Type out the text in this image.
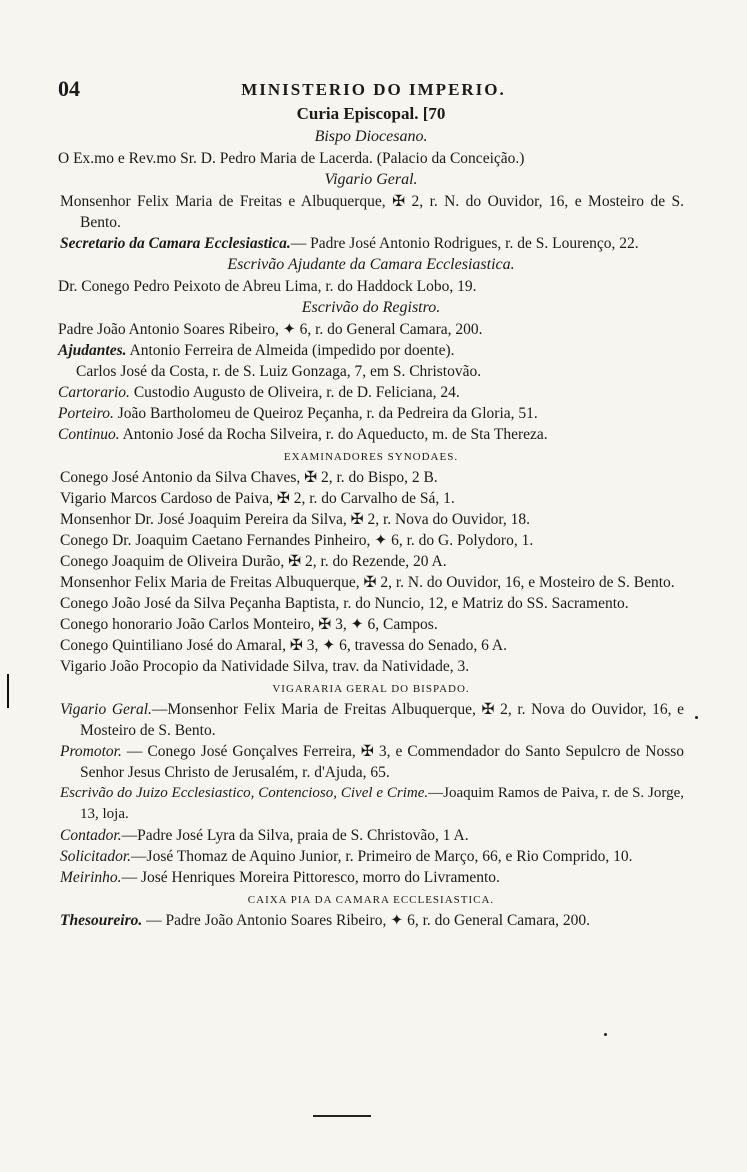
04	MINISTERIO DO IMPERIO.
Curia Episcopal. [70
Bispo Diocesano.
O Ex.mo e Rev.mo Sr. D. Pedro Maria de Lacerda. (Palacio da Conceição.)
Vigario Geral.
Monsenhor Felix Maria de Freitas e Albuquerque, ✠ 2, r. N. do Ouvidor, 16, e Mosteiro de S. Bento.
Secretario da Camara Ecclesiastica.— Padre José Antonio Rodrigues, r. de S. Lourenço, 22.
Escrivão Ajudante da Camara Ecclesiastica.
Dr. Conego Pedro Peixoto de Abreu Lima, r. do Haddock Lobo, 19.
Escrivão do Registro.
Padre João Antonio Soares Ribeiro, ✦ 6, r. do General Camara, 200.
Ajudantes. Antonio Ferreira de Almeida (impedido por doente).
Carlos José da Costa, r. de S. Luiz Gonzaga, 7, em S. Christovão.
Cartorario. Custodio Augusto de Oliveira, r. de D. Feliciana, 24.
Porteiro. João Bartholomeu de Queiroz Peçanha, r. da Pedreira da Gloria, 51.
Continuo. Antonio José da Rocha Silveira, r. do Aqueducto, m. de Sta Thereza.
EXAMINADORES SYNODAES.
Conego José Antonio da Silva Chaves, ✠ 2, r. do Bispo, 2 B.
Vigario Marcos Cardoso de Paiva, ✠ 2, r. do Carvalho de Sá, 1.
Monsenhor Dr. José Joaquim Pereira da Silva, ✠ 2, r. Nova do Ouvidor, 18.
Conego Dr. Joaquim Caetano Fernandes Pinheiro, ✦ 6, r. do G. Polydoro, 1.
Conego Joaquim de Oliveira Durão, ✠ 2, r. do Rezende, 20 A.
Monsenhor Felix Maria de Freitas Albuquerque, ✠ 2, r. N. do Ouvidor, 16, e Mosteiro de S. Bento.
Conego João José da Silva Peçanha Baptista, r. do Nuncio, 12, e Matriz do SS. Sacramento.
Conego honorario João Carlos Monteiro, ✠ 3, ✦ 6, Campos.
Conego Quintiliano José do Amaral, ✠ 3, ✦ 6, travessa do Senado, 6 A.
Vigario João Procopio da Natividade Silva, trav. da Natividade, 3.
VIGARARIA GERAL DO BISPADO.
Vigario Geral.—Monsenhor Felix Maria de Freitas Albuquerque, ✠ 2, r. Nova do Ouvidor, 16, e Mosteiro de S. Bento.
Promotor. — Conego José Gonçalves Ferreira, ✠ 3, e Commendador do Santo Sepulcro de Nosso Senhor Jesus Christo de Jerusalém, r. d'Ajuda, 65.
Escrivão do Juizo Ecclesiastico, Contencioso, Civel e Crime.—Joaquim Ramos de Paiva, r. de S. Jorge, 13, loja.
Contador.—Padre José Lyra da Silva, praia de S. Christovão, 1 A.
Solicitador.—José Thomaz de Aquino Junior, r. Primeiro de Março, 66, e Rio Comprido, 10.
Meirinho.— José Henriques Moreira Pittoresco, morro do Livramento.
CAIXA PIA DA CAMARA ECCLESIASTICA.
Thesoureiro. — Padre João Antonio Soares Ribeiro, ✦ 6, r. do General Camara, 200.
